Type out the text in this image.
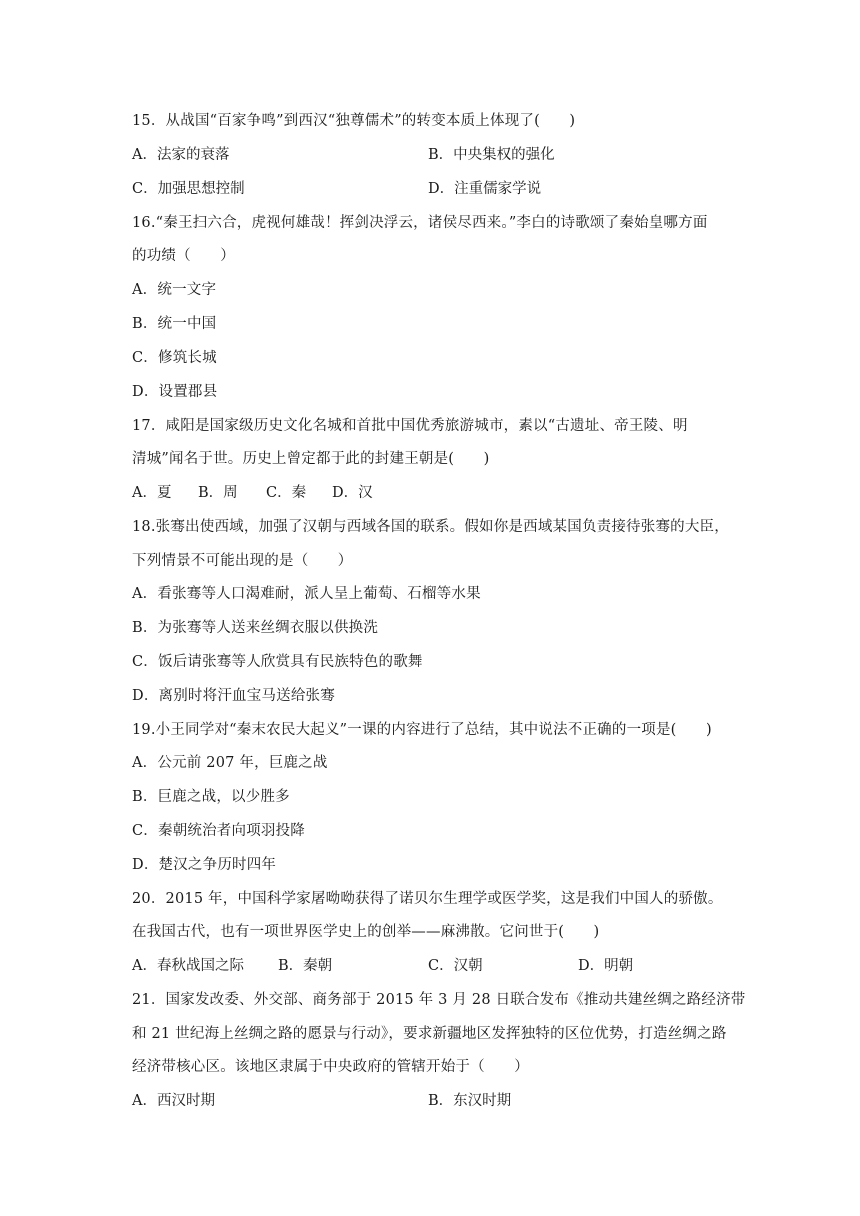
15．从战国“百家争鸣”到西汉“独尊儒术”的转变本质上体现了(　　)
A．法家的衰落	B．中央集权的强化
C．加强思想控制	D．注重儒家学说
16.“秦王扫六合，虎视何雄哉！挥剑决浮云，诸侯尽西来。”李白的诗歌颂了秦始皇哪方面
的功绩（　　）
A．统一文字
B．统一中国
C．修筑长城
D．设置郡县
17．咸阳是国家级历史文化名城和首批中国优秀旅游城市，素以“古遗址、帝王陵、明
清城”闻名于世。历史上曾定都于此的封建王朝是(　　)
A．夏 B．周 C．秦 D．汉
18.张骞出使西域，加强了汉朝与西域各国的联系。假如你是西域某国负责接待张骞的大臣，
下列情景不可能出现的是（　　）
A．看张骞等人口渴难耐，派人呈上葡萄、石榴等水果
B．为张骞等人送来丝绸衣服以供换洗
C．饭后请张骞等人欣赏具有民族特色的歌舞
D．离别时将汗血宝马送给张骞
19.小王同学对“秦末农民大起义”一课的内容进行了总结，其中说法不正确的一项是(　　)
A．公元前 207 年，巨鹿之战
B．巨鹿之战，以少胜多
C．秦朝统治者向项羽投降
D．楚汉之争历时四年
20．2015 年，中国科学家屠呦呦获得了诺贝尔生理学或医学奖，这是我们中国人的骄傲。
在我国古代，也有一项世界医学史上的创举——麻沸散。它问世于(　　)
A．春秋战国之际 B．秦朝	C．汉朝	D．明朝
21．国家发改委、外交部、商务部于 2015 年 3 月 28 日联合发布《推动共建丝绸之路经济带
和 21 世纪海上丝绸之路的愿景与行动》，要求新疆地区发挥独特的区位优势，打造丝绸之路
经济带核心区。该地区隶属于中央政府的管辖开始于（　　）
A．西汉时期	B．东汉时期
